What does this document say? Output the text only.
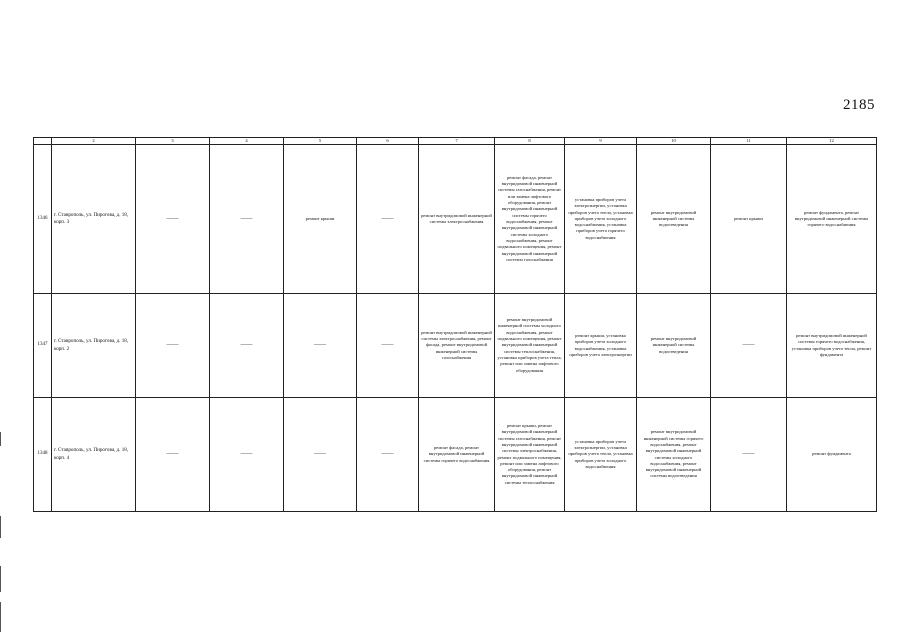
2185
	2	3	4	5	6	7	8	9	10	11	12
1346	г. Ставрополь, ул. Пирогова, д. 18, корп. 3	——	——	ремонт крыши	——	ремонт внутридомовой инженерной системы электроснабжения	ремонт фасада, ремонт внутридомовой инженерной системы газоснабжения, ремонт или замена лифтового оборудования, ремонт внутридомовой инженерной системы горячего водоснабжения, ремонт внутридомовой инженерной системы холодного водоснабжения, ремонт подвального помещения, ремонт внутридомовой инженерной системы газоснабжения	установка приборов учета электроэнергии, установка приборов учета тепла, установка приборов учета холодного водоснабжения, установка приборов учета горячего водоснабжения	ремонт внутридомовой инженерной системы водоотведения	ремонт крыши	ремонт фундамента, ремонт внутридомовой инженерной системы горячего водоснабжения
1347	г. Ставрополь, ул. Пирогова, д. 18, корп. 2	——	——	——	——	ремонт внутридомовой инженерной системы электроснабжения, ремонт фасада, ремонт внутридомовой инженерной системы газоснабжения	ремонт внутридомовой инженерной системы холодного водоснабжения, ремонт подвального помещения, ремонт внутридомовой инженерной системы теплоснабжения, установка приборов учета тепла, ремонт или замена лифтового оборудования	ремонт крыши, установка приборов учета холодного водоснабжения, установка приборов учета электроэнергии	ремонт внутридомовой инженерной системы водоотведения	——	ремонт внутридомовой инженерной системы горячего водоснабжения, установка приборов учета тепла, ремонт фундамента
1348	г. Ставрополь, ул. Пирогова, д. 18, корп. 4	——	——	——	——	ремонт фасада, ремонт внутридомовой инженерной системы горячего водоснабжения	ремонт крыши, ремонт внутридомовой инженерной системы газоснабжения, ремонт внутридомовой инженерной системы электроснабжения, ремонт подвального помещения, ремонт или замена лифтового оборудования, ремонт внутридомовой инженерной системы теплоснабжения	установка приборов учета электроэнергии, установка приборов учета тепла, установка приборов учета холодного водоснабжения	ремонт внутридомовой инженерной системы горячего водоснабжения, ремонт внутридомовой инженерной системы холодного водоснабжения, ремонт внутридомовой инженерной системы водоотведения	——	ремонт фундамента
